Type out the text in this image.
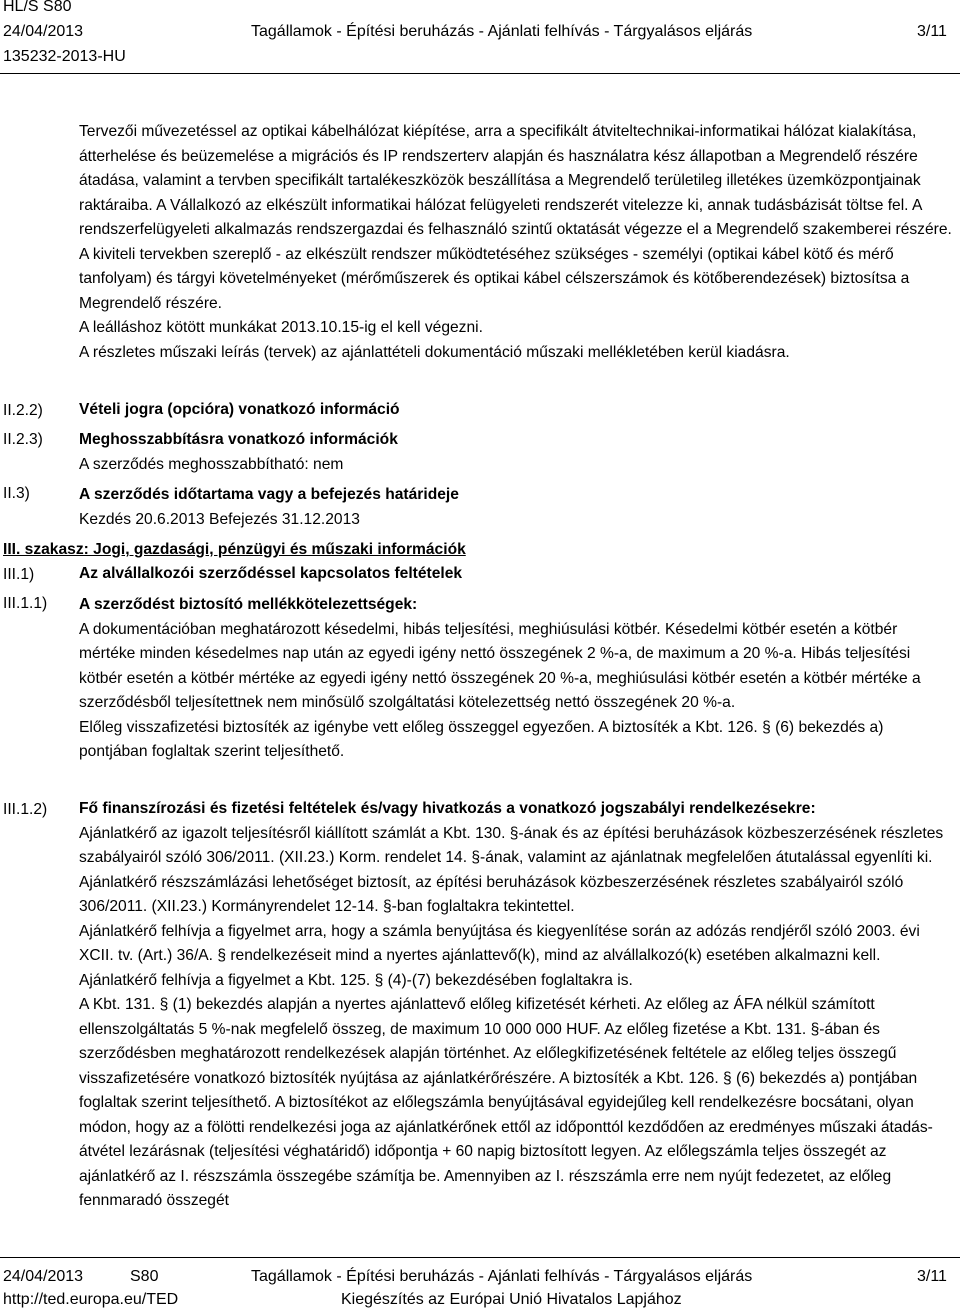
HL/S S80
24/04/2013	Tagállamok - Építési beruházás - Ajánlati felhívás - Tárgyalásos eljárás	3/11
135232-2013-HU

Tervezői művezetéssel az optikai kábelhálózat kiépítése, arra a specifikált átviteltechnikai-informatikai hálózat kialakítása, átterhelése és beüzemelése a migrációs és IP rendszerterv alapján és használatra kész állapotban a Megrendelő részére átadása, valamint a tervben specifikált tartalékeszközök beszállítása a Megrendelő területileg illetékes üzemközpontjainak raktáraiba. A Vállalkozó az elkészült informatikai hálózat felügyeleti rendszerét vitelezze ki, annak tudásbázisát töltse fel. A rendszerfelügyeleti alkalmazás rendszergazdai és felhasználó szintű oktatását végezze el a Megrendelő szakemberei részére. A kiviteli tervekben szereplő - az elkészült rendszer működtetéséhez szükséges - személyi (optikai kábel kötő és mérő tanfolyam) és tárgyi követelményeket (mérőműszerek és optikai kábel célszerszámok és kötőberendezések) biztosítsa a Megrendelő részére.

A leálláshoz kötött munkákat 2013.10.15-ig el kell végezni.

A részletes műszaki leírás (tervek) az ajánlattételi dokumentáció műszaki mellékletében kerül kiadásra.

II.2.2) Vételi jogra (opcióra) vonatkozó információ
II.2.3) Meghosszabbításra vonatkozó információk
A szerződés meghosszabbítható: nem
II.3)	A szerződés időtartama vagy a befejezés határideje
Kezdés 20.6.2013 Befejezés 31.12.2013
III. szakasz: Jogi, gazdasági, pénzügyi és műszaki információk
III.1)	Az alvállalkozói szerződéssel kapcsolatos feltételek
III.1.1) A szerződést biztosító mellékkötelezettségek:

A dokumentációban meghatározott késedelmi, hibás teljesítési, meghiúsulási kötbér. Késedelmi kötbér esetén a kötbér mértéke minden késedelmes nap után az egyedi igény nettó összegének 2 %-a, de maximum a 20 %-a. Hibás teljesítési kötbér esetén a kötbér mértéke az egyedi igény nettó összegének 20 %-a, meghiúsulási kötbér esetén a kötbér mértéke a szerződésből teljesítettnek nem minősülő szolgáltatási kötelezettség nettó összegének 20 %-a.

Előleg visszafizetési biztosíték az igénybe vett előleg összeggel egyezően. A biztosíték a Kbt. 126. § (6) bekezdés a) pontjában foglaltak szerint teljesíthető.

III.1.2) Fő finanszírozási és fizetési feltételek és/vagy hivatkozás a vonatkozó jogszabályi rendelkezésekre:

Ajánlatkérő az igazolt teljesítésről kiállított számlát a Kbt. 130. §-ának és az építési beruházások közbeszerzésének részletes szabályairól szóló 306/2011. (XII.23.) Korm. rendelet 14. §-ának, valamint az ajánlatnak megfelelően átutalással egyenlíti ki. Ajánlatkérő részszámlázási lehetőséget biztosít, az építési beruházások közbeszerzésének részletes szabályairól szóló 306/2011. (XII.23.) Kormányrendelet 12-14. §-ban foglaltakra tekintettel.

Ajánlatkérő felhívja a figyelmet arra, hogy a számla benyújtása és kiegyenlítése során az adózás rendjéről szóló 2003. évi XCII. tv. (Art.) 36/A. § rendelkezéseit mind a nyertes ajánlattevő(k), mind az alvállalkozó(k) esetében alkalmazni kell. Ajánlatkérő felhívja a figyelmet a Kbt. 125. § (4)-(7) bekezdésében foglaltakra is.

A Kbt. 131. § (1) bekezdés alapján a nyertes ajánlattevő előleg kifizetését kérheti. Az előleg az ÁFA nélkül számított ellenszolgáltatás 5 %-nak megfelelő összeg, de maximum 10 000 000 HUF. Az előleg fizetése a Kbt. 131. §-ában és szerződésben meghatározott rendelkezések alapján történhet. Az előlegkifizetésének feltétele az előleg teljes összegű visszafizetésére vonatkozó biztosíték nyújtása az ajánlatkérőrészére. A biztosíték a Kbt. 126. § (6) bekezdés a) pontjában foglaltak szerint teljesíthető. A biztosítékot az előlegszámla benyújtásával egyidejűleg kell rendelkezésre bocsátani, olyan módon, hogy az a fölötti rendelkezési joga az ajánlatkérőnek ettől az időponttól kezdődően az eredményes műszaki átadás-átvétel lezárásnak (teljesítési véghatáridő) időpontja + 60 napig biztosított legyen. Az előlegszámla teljes összegét az ajánlatkérő az I. részszámla összegébe számítja be. Amennyiben az I. részszámla erre nem nyújt fedezetet, az előleg fennmaradó összegét

24/04/2013	S80	Tagállamok - Építési beruházás - Ajánlati felhívás - Tárgyalásos eljárás	3/11
http://ted.europa.eu/TED	Kiegészítés az Európai Unió Hivatalos Lapjához
